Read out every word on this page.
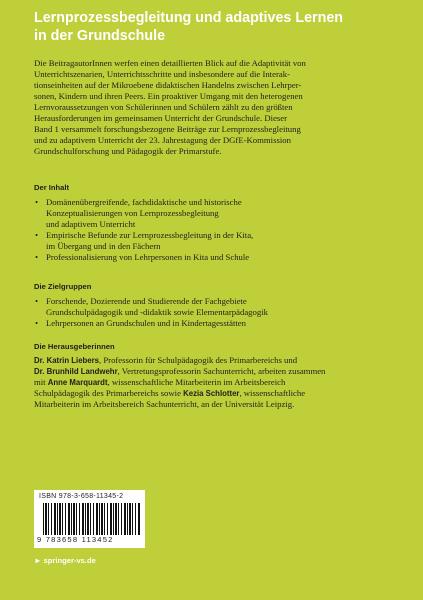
Lernprozessbegleitung und adaptives Lernen
in der Grundschule
Die BeitragautorInnen werfen einen detaillierten Blick auf die Adaptivität von
Unterrichtszenarien, Unterrichtsschritte und insbesondere auf die Interak-
tionseinheiten auf der Mikroebene didaktischen Handelns zwischen Lehrper-
sonen, Kindern und ihren Peers. Ein proaktiver Umgang mit den heterogenen
Lernvoraussetzungen von Schülerinnen und Schülern zählt zu den größten
Herausforderungen im gemeinsamen Unterricht der Grundschule. Dieser
Band 1 versammelt forschungsbezogene Beiträge zur Lernprozessbegleitung
und zu adaptivem Unterricht der 23. Jahrestagung der DGfE-Kommission
Grundschulforschung und Pädagogik der Primarstufe.
Der Inhalt
• Domänenübergreifende, fachdidaktische und historische
Konzeptualisierungen von Lernprozessbegleitung
und adaptivem Unterricht
• Empirische Befunde zur Lernprozessbegleitung in der Kita,
im Übergang und in den Fächern
• Professionalisierung von Lehrpersonen in Kita und Schule
Die Zielgruppen
• Forschende, Dozierende und Studierende der Fachgebiete
Grundschulpädagogik und -didaktik sowie Elementarpädagogik
• Lehrpersonen an Grundschulen und in Kindertagesstätten
Die Herausgeberinnen
Dr. Katrin Liebers, Professorin für Schulpädagogik des Primarbereichs und
Dr. Brunhild Landwehr, Vertretungsprofessorin Sachunterricht, arbeiten zusammen
mit Anne Marquardt, wissenschaftliche Mitarbeiterin im Arbeitsbereich
Schulpädagogik des Primarbereichs sowie Kezia Schlotter, wissenschaftliche
Mitarbeiterin im Arbeitsbereich Sachunterricht, an der Universität Leipzig.
ISBN 978-3-658-11345-2
9 783658 113452
► springer-vs.de
